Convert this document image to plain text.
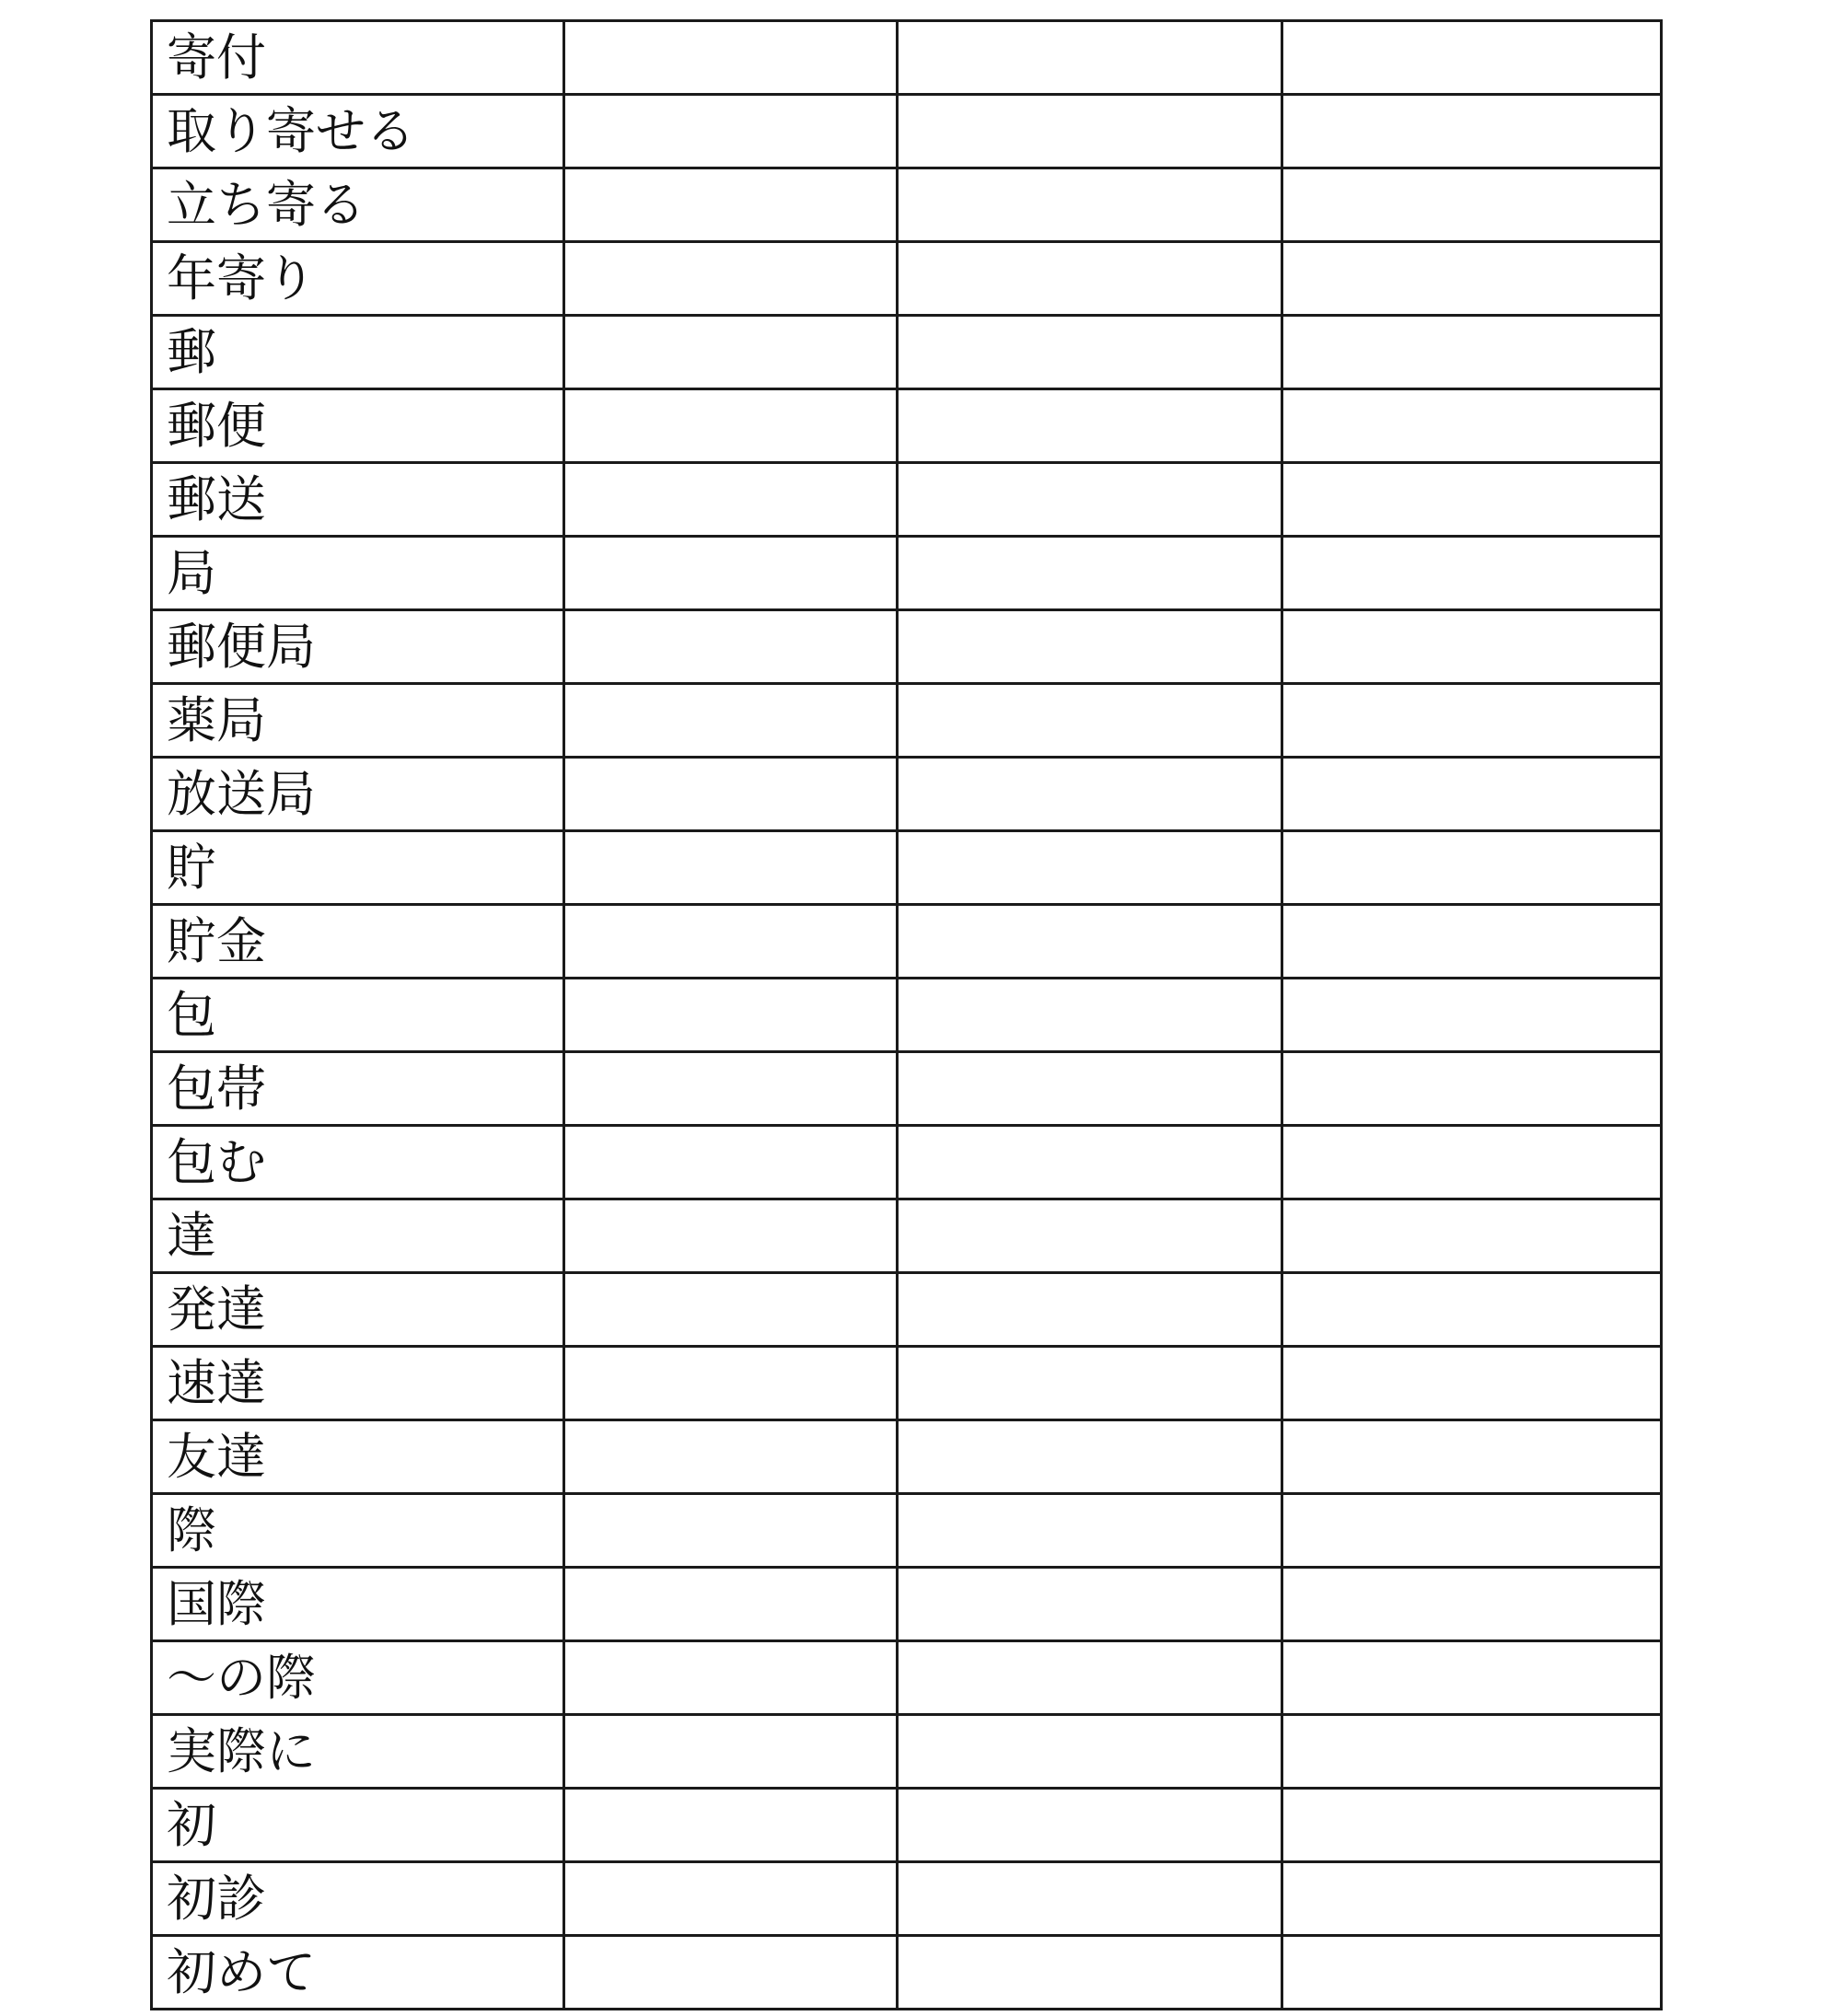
寄付			

取り寄せる			

立ち寄る			

年寄り			

郵			

郵便			

郵送			

局			

郵便局			

薬局			

放送局			

貯			

貯金			

包			

包帯			

包む			

達			

発達			

速達			

友達			

際			

国際			

～の際			

実際に			

初			

初診			

初めて			
